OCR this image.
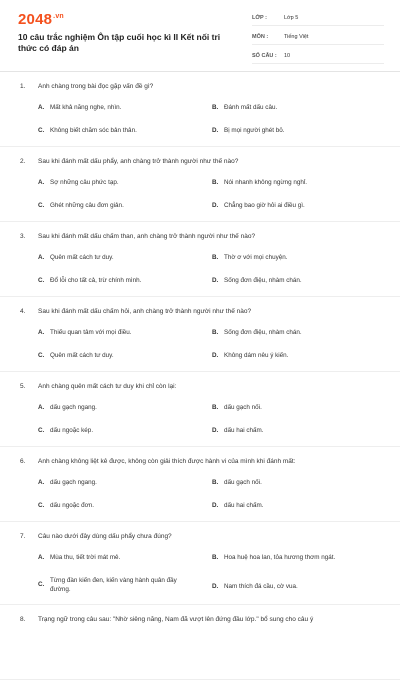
$2048^{.vn}$
10 câu trắc nghiệm Ôn tập cuối học kì II Kết nối tri thức có đáp án
LỚP :	Lớp 5
MÔN :	Tiếng Việt
SỐ CÂU :	10
1. Anh chàng trong bài đọc gặp vấn đề gì?
A. Mất khả năng nghe, nhìn.	B. Đánh mất dấu câu.
C. Không biết chăm sóc bản thân.	D. Bị mọi người ghét bỏ.
2. Sau khi đánh mất dấu phẩy, anh chàng trở thành người như thế nào?
A. Sợ những câu phức tạp.	B. Nói nhanh không ngừng nghỉ.
C. Ghét những câu đơn giản.	D. Chẳng bao giờ hỏi ai điều gì.
3. Sau khi đánh mất dấu chấm than, anh chàng trở thành người như thế nào?
A. Quên mất cách tư duy.	B. Thờ ơ với mọi chuyện.
C. Đổ lỗi cho tất cả, trừ chính mình.	D. Sống đơn điệu, nhàm chán.
4. Sau khi đánh mất dấu chấm hỏi, anh chàng trở thành người như thế nào?
A. Thiếu quan tâm với mọi điều.	B. Sống đơn điệu, nhàm chán.
C. Quên mất cách tư duy.	D. Không dám nêu ý kiến.
5. Anh chàng quên mất cách tư duy khi chỉ còn lại:
A. dấu gạch ngang.	B. dấu gạch nối.
C. dấu ngoặc kép.	D. dấu hai chấm.
6. Anh chàng không liệt kê được, không còn giải thích được hành vi của mình khi đánh mất:
A. dấu gạch ngang.	B. dấu gạch nối.
C. dấu ngoặc đơn.	D. dấu hai chấm.
7. Câu nào dưới đây dùng dấu phẩy chưa đúng?
A. Mùa thu, tiết trời mát mẻ.	B. Hoa huệ hoa lan, tỏa hương thơm ngát.
C.Từng đàn kiến đen, kiến vàng hành quân đầy đường.	D. Nam thích đá cầu, cờ vua.
8. Trạng ngữ trong câu sau: "Nhờ siêng năng, Nam đã vượt lên đứng đầu lớp." bổ sung cho câu ý
